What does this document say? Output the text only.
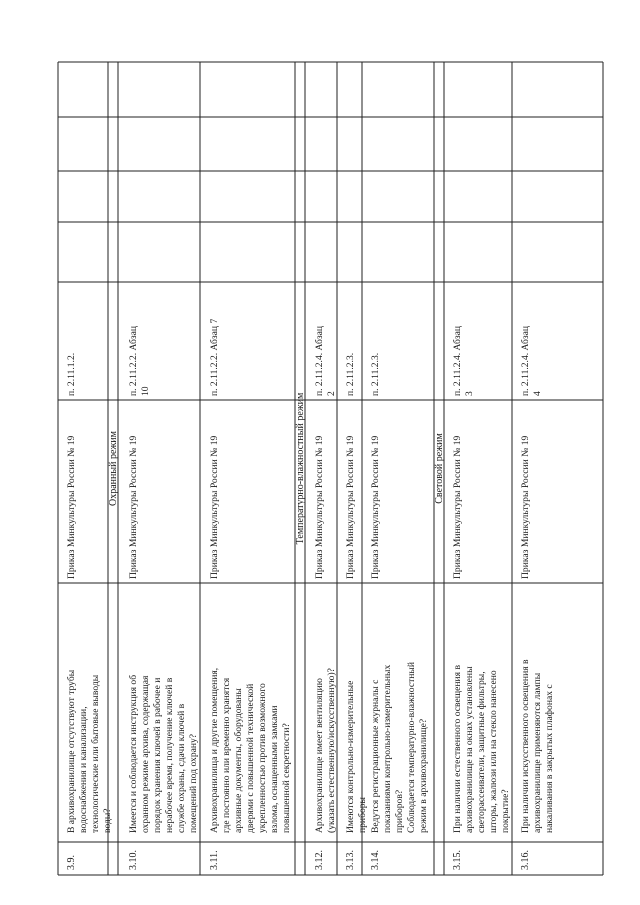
3.9.
В архивохранилище отсутствуют трубы водоснабжения и канализации, технологические или бытовые выводы воды?
Приказ Минкультуры России № 19
п. 2.11.1.2.
3.10.
Имеется и соблюдается инструкция об охранном режиме архива, содержащая порядок хранения ключей в рабочее и нерабочее время, получение ключей в службе охраны, сдачи ключей в помещений под охрану?
Приказ Минкультуры России № 19
п. 2.11.2.2. Абзац 10
3.11.
Архивохранилища и другие помещения, где постоянно или временно хранятся архивные документы, оборудованы дверями с повышенной технической укрепленностью против возможного взлома, оснащенными замками повышенной секретности?
Приказ Минкультуры России № 19
п. 2.11.2.2. Абзац 7
3.12.
Архивохранилище имеет вентиляцию (указать естественную/искусственную)?
Приказ Минкультуры России № 19
п. 2.11.2.4. Абзац 2
3.13.
Имеются контрольно-измерительные приборы
Приказ Минкультуры России № 19
п. 2.11.2.3.
3.14.
Ведутся регистрационные журналы с показаниями контрольно-измерительных приборов? Соблюдается температурно-влажностный режим в архивохранилище?
Приказ Минкультуры России № 19
п. 2.11.2.3.
3.15.
При наличии естественного освещения в архивохранилище на окнах установлены светорассеиватели, защитные фильтры, шторы, жалюзи или на стекло нанесено покрытие?
Приказ Минкультуры России № 19
п. 2.11.2.4. Абзац 3
3.16.
При наличии искусственного освещения в архивохранилище применяются лампы накаливания в закрытых плафонах с
Приказ Минкультуры России № 19
п. 2.11.2.4. Абзац 4
Охранный режим	Температурно-влажностный режим	Световой режим
